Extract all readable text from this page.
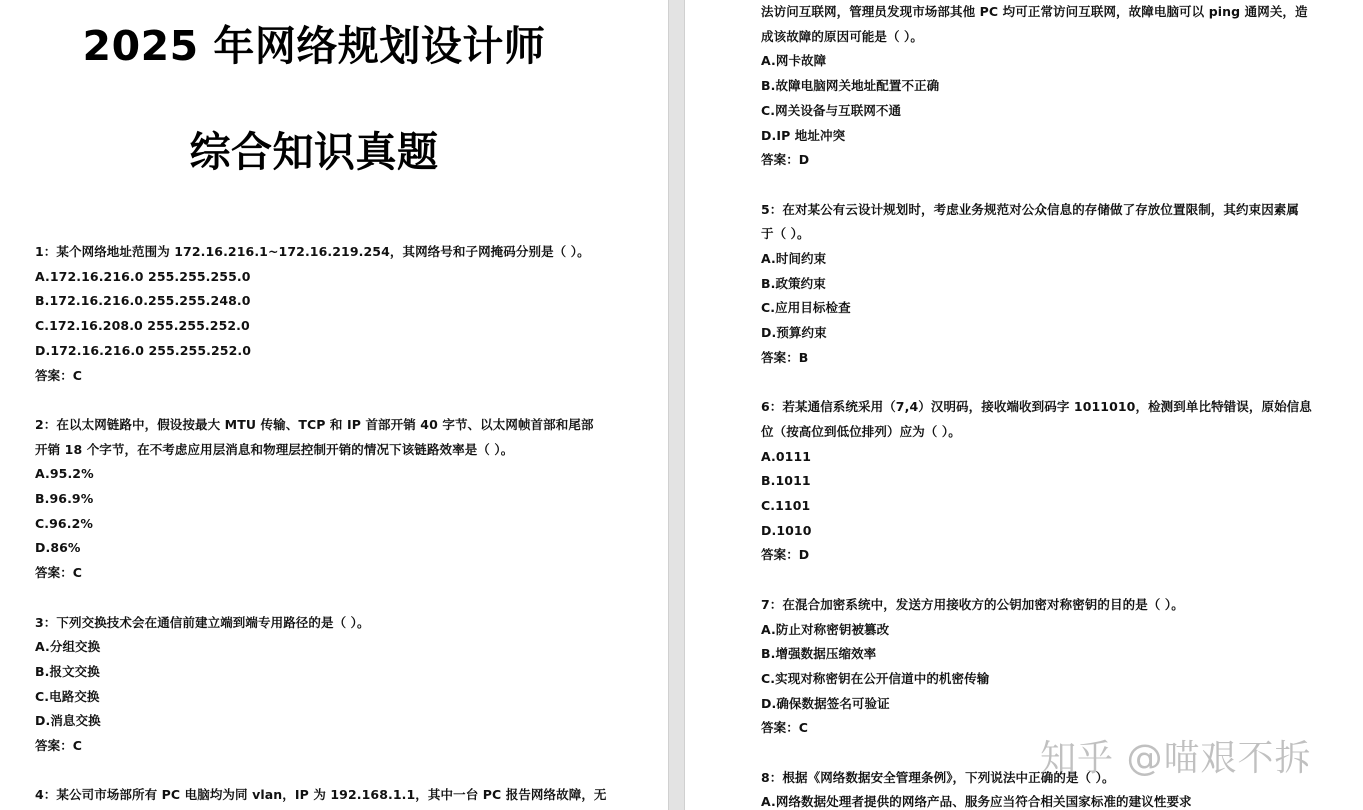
2025 年网络规划设计师
综合知识真题
1：某个网络地址范围为 172.16.216.1~172.16.219.254，其网络号和子网掩码分别是（ ）。
A.172.16.216.0 255.255.255.0
B.172.16.216.0.255.255.248.0
C.172.16.208.0 255.255.252.0
D.172.16.216.0 255.255.252.0
答案：C
2：在以太网链路中，假设按最大 MTU 传输、TCP 和 IP 首部开销 40 字节、以太网帧首部和尾部
开销 18 个字节，在不考虑应用层消息和物理层控制开销的情况下该链路效率是（ ）。
A.95.2%
B.96.9%
C.96.2%
D.86%
答案：C
3：下列交换技术会在通信前建立端到端专用路径的是（ ）。
A.分组交换
B.报文交换
C.电路交换
D.消息交换
答案：C
4：某公司市场部所有 PC 电脑均为同 vlan，IP 为 192.168.1.1，其中一台 PC 报告网络故障，无
法访问互联网，管理员发现市场部其他 PC 均可正常访问互联网，故障电脑可以 ping 通网关，造
成该故障的原因可能是（ ）。
A.网卡故障
B.故障电脑网关地址配置不正确
C.网关设备与互联网不通
D.IP 地址冲突
答案：D
5：在对某公有云设计规划时，考虑业务规范对公众信息的存储做了存放位置限制，其约束因素属
于（ ）。
A.时间约束
B.政策约束
C.应用目标检查
D.预算约束
答案：B
6：若某通信系统采用（7,4）汉明码，接收端收到码字 1011010，检测到单比特错误，原始信息
位（按高位到低位排列）应为（ ）。
A.0111
B.1011
C.1101
D.1010
答案：D
7：在混合加密系统中，发送方用接收方的公钥加密对称密钥的目的是（ ）。
A.防止对称密钥被篡改
B.增强数据压缩效率
C.实现对称密钥在公开信道中的机密传输
D.确保数据签名可验证
答案：C
8：根据《网络数据安全管理条例》，下列说法中正确的是（ ）。
A.网络数据处理者提供的网络产品、服务应当符合相关国家标准的建议性要求
知乎 @喵艰不拆
